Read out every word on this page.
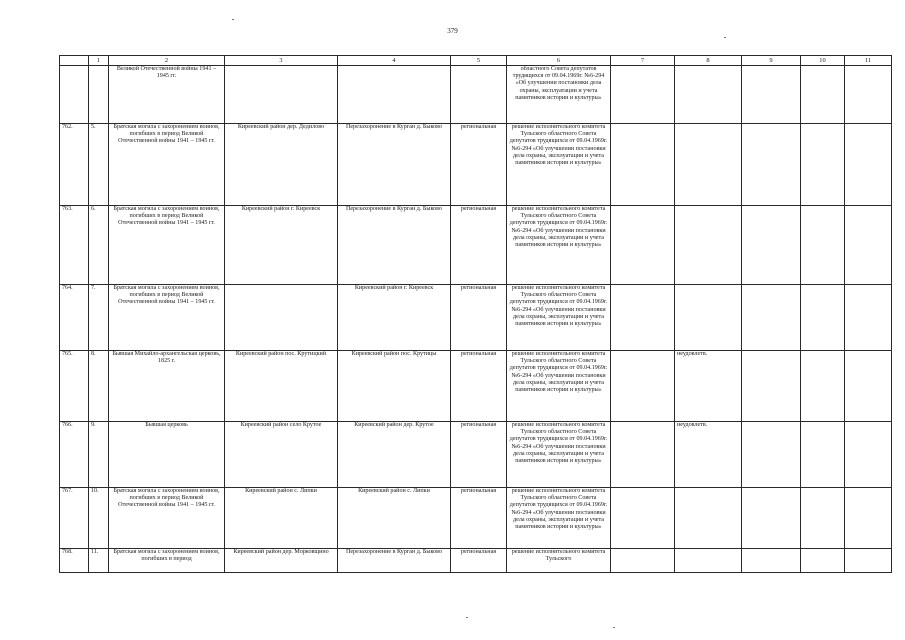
379
	1	2	3	4	5	6	7	8	9	10	11
		Великой Отечественной войны 1941 – 1945 гг.				областного Совета депутатов трудящихся от 09.04.1969г. №6-294 «Об улучшении постановки дела охраны, эксплуатации и учета памятников истории и культуры»					
762.	5.	Братская могила с захоронением воинов, погибших в период Великой Отечественной войны 1941 – 1945 гг.	Киреевский район дер. Дедилово	Перезахоронение в Курган д. Быково	региональная	решение исполнительного комитета Тульского областного Совета депутатов трудящихся от 09.04.1969г. №6-294 «Об улучшении постановки дела охраны, эксплуатации и учета памятников истории и культуры»					
763.	6.	Братская могила с захоронением воинов, погибших в период Великой Отечественной войны 1941 – 1945 гг.	Киреевский район г. Киреевск	Перезахоронение в Курган д. Быково	региональная	решение исполнительного комитета Тульского областного Совета депутатов трудящихся от 09.04.1969г. №6-294 «Об улучшении постановки дела охраны, эксплуатации и учета памятников истории и культуры»					
764.	7.	Братская могила с захоронением воинов, погибших в период Великой Отечественной войны 1941 – 1945 гг.		Киреевский район г. Киреевск	региональная	решение исполнительного комитета Тульского областного Совета депутатов трудящихся от 09.04.1969г. №6-294 «Об улучшении постановки дела охраны, эксплуатации и учета памятников истории и культуры»					
765.	8.	Бывшая Михайло-архангельская церковь, 1825 г.	Киреевский район пос. Крутицкий	Киреевский район пос. Крутицы	региональная	решение исполнительного комитета Тульского областного Совета депутатов трудящихся от 09.04.1969г. №6-294 «Об улучшении постановки дела охраны, эксплуатации и учета памятников истории и культуры»		неудовлетв.			
766.	9.	Бывшая церковь	Киреевский район село Крутое	Киреевский район дер. Крутое	региональная	решение исполнительного комитета Тульского областного Совета депутатов трудящихся от 09.04.1969г. №6-294 «Об улучшении постановки дела охраны, эксплуатации и учета памятников истории и культуры»		неудовлетв.			
767.	10.	Братская могила с захоронением воинов, погибших в период Великой Отечественной войны 1941 – 1945 гг.	Киреевский район с. Липки	Киреевский район с. Липки	региональная	решение исполнительного комитета Тульского областного Совета депутатов трудящихся от 09.04.1969г. №6-294 «Об улучшении постановки дела охраны, эксплуатации и учета памятников истории и культуры»					
768.	11.	Братская могила с захоронением воинов, погибших в период	Киреевский район дер. Морковщино	Перезахоронение в Курган д. Быково	региональная	решение исполнительного комитета Тульского					
